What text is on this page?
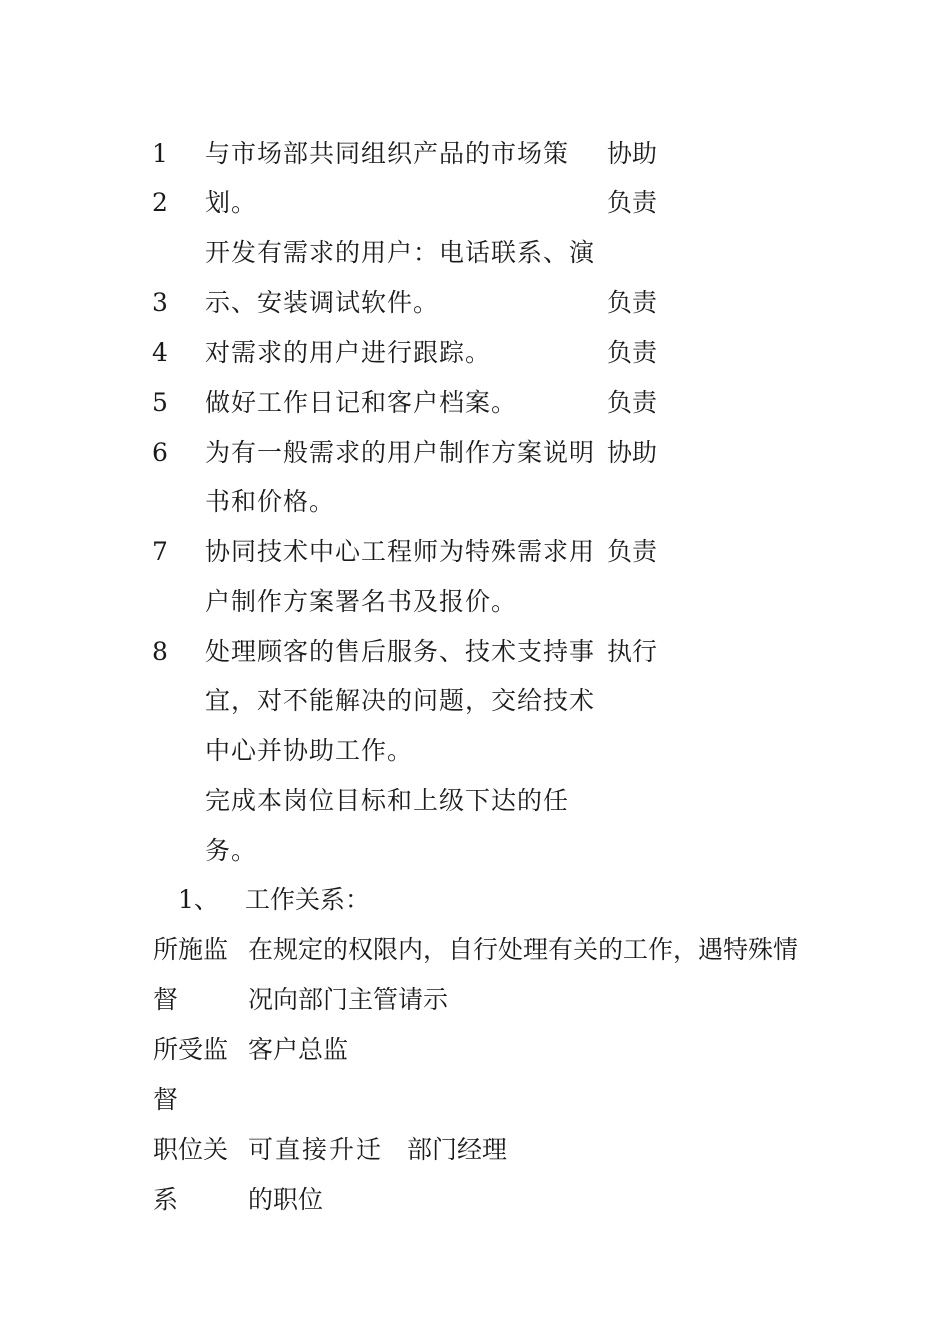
1
2
3
4
5
6
7
8
与市场部共同组织产品的市场策
划。
开发有需求的用户：电话联系、演
示、安装调试软件。
对需求的用户进行跟踪。
做好工作日记和客户档案。
为有一般需求的用户制作方案说明
书和价格。
协同技术中心工程师为特殊需求用
户制作方案署名书及报价。
处理顾客的售后服务、技术支持事
宜，对不能解决的问题，交给技术
中心并协助工作。
完成本岗位目标和上级下达的任
务。
协助
负责
负责
负责
负责
协助
负责
执行
1、 工作关系：
所施监
督
在规定的权限内，自行处理有关的工作，遇特殊情
况向部门主管请示
所受监
督
客户总监
职位关
系
可直接升迁
的职位
部门经理
